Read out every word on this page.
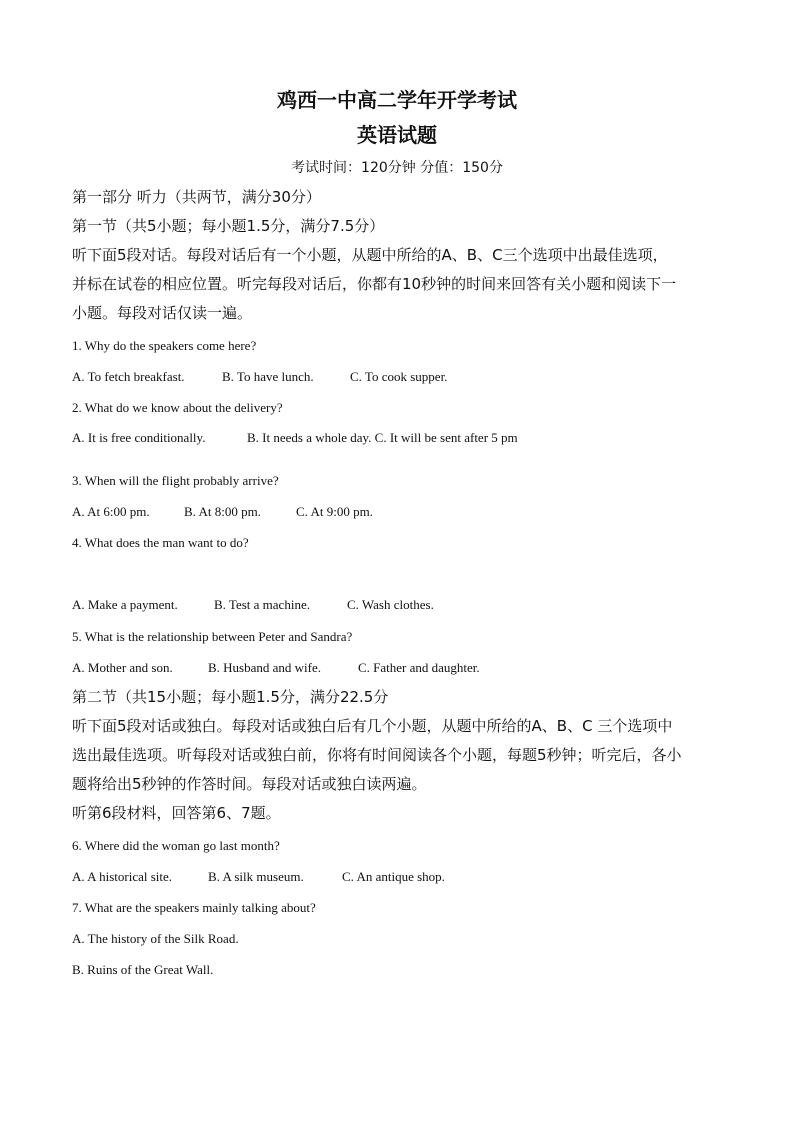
鸡西一中高二学年开学考试
英语试题
考试时间：120分钟 分值：150分
第一部分 听力（共两节，满分30分）
第一节（共5小题；每小题1.5分，满分7.5分）
听下面5段对话。每段对话后有一个小题，从题中所给的A、B、C三个选项中出最佳选项，
并标在试卷的相应位置。听完每段对话后，你都有10秒钟的时间来回答有关小题和阅读下一
小题。每段对话仅读一遍。
1. Why do the speakers come here?
A. To fetch breakfast.	B. To have lunch.	C. To cook supper.
2. What do we know about the delivery?
A. It is free conditionally.	B. It needs a whole day. C. It will be sent after 5 pm
3. When will the flight probably arrive?
A. At 6:00 pm.	B. At 8:00 pm.	C. At 9:00 pm.
4. What does the man want to do?
A. Make a payment.	B. Test a machine.	C. Wash clothes.
5. What is the relationship between Peter and Sandra?
A. Mother and son.	B. Husband and wife.	C. Father and daughter.
第二节（共15小题；每小题1.5分，满分22.5分
听下面5段对话或独白。每段对话或独白后有几个小题，从题中所给的A、B、C 三个选项中
选出最佳选项。听每段对话或独白前，你将有时间阅读各个小题，每题5秒钟；听完后，各小
题将给出5秒钟的作答时间。每段对话或独白读两遍。
听第6段材料，回答第6、7题。
6. Where did the woman go last month?
A. A historical site.	B. A silk museum.	C. An antique shop.
7. What are the speakers mainly talking about?
A. The history of the Silk Road.
B. Ruins of the Great Wall.
